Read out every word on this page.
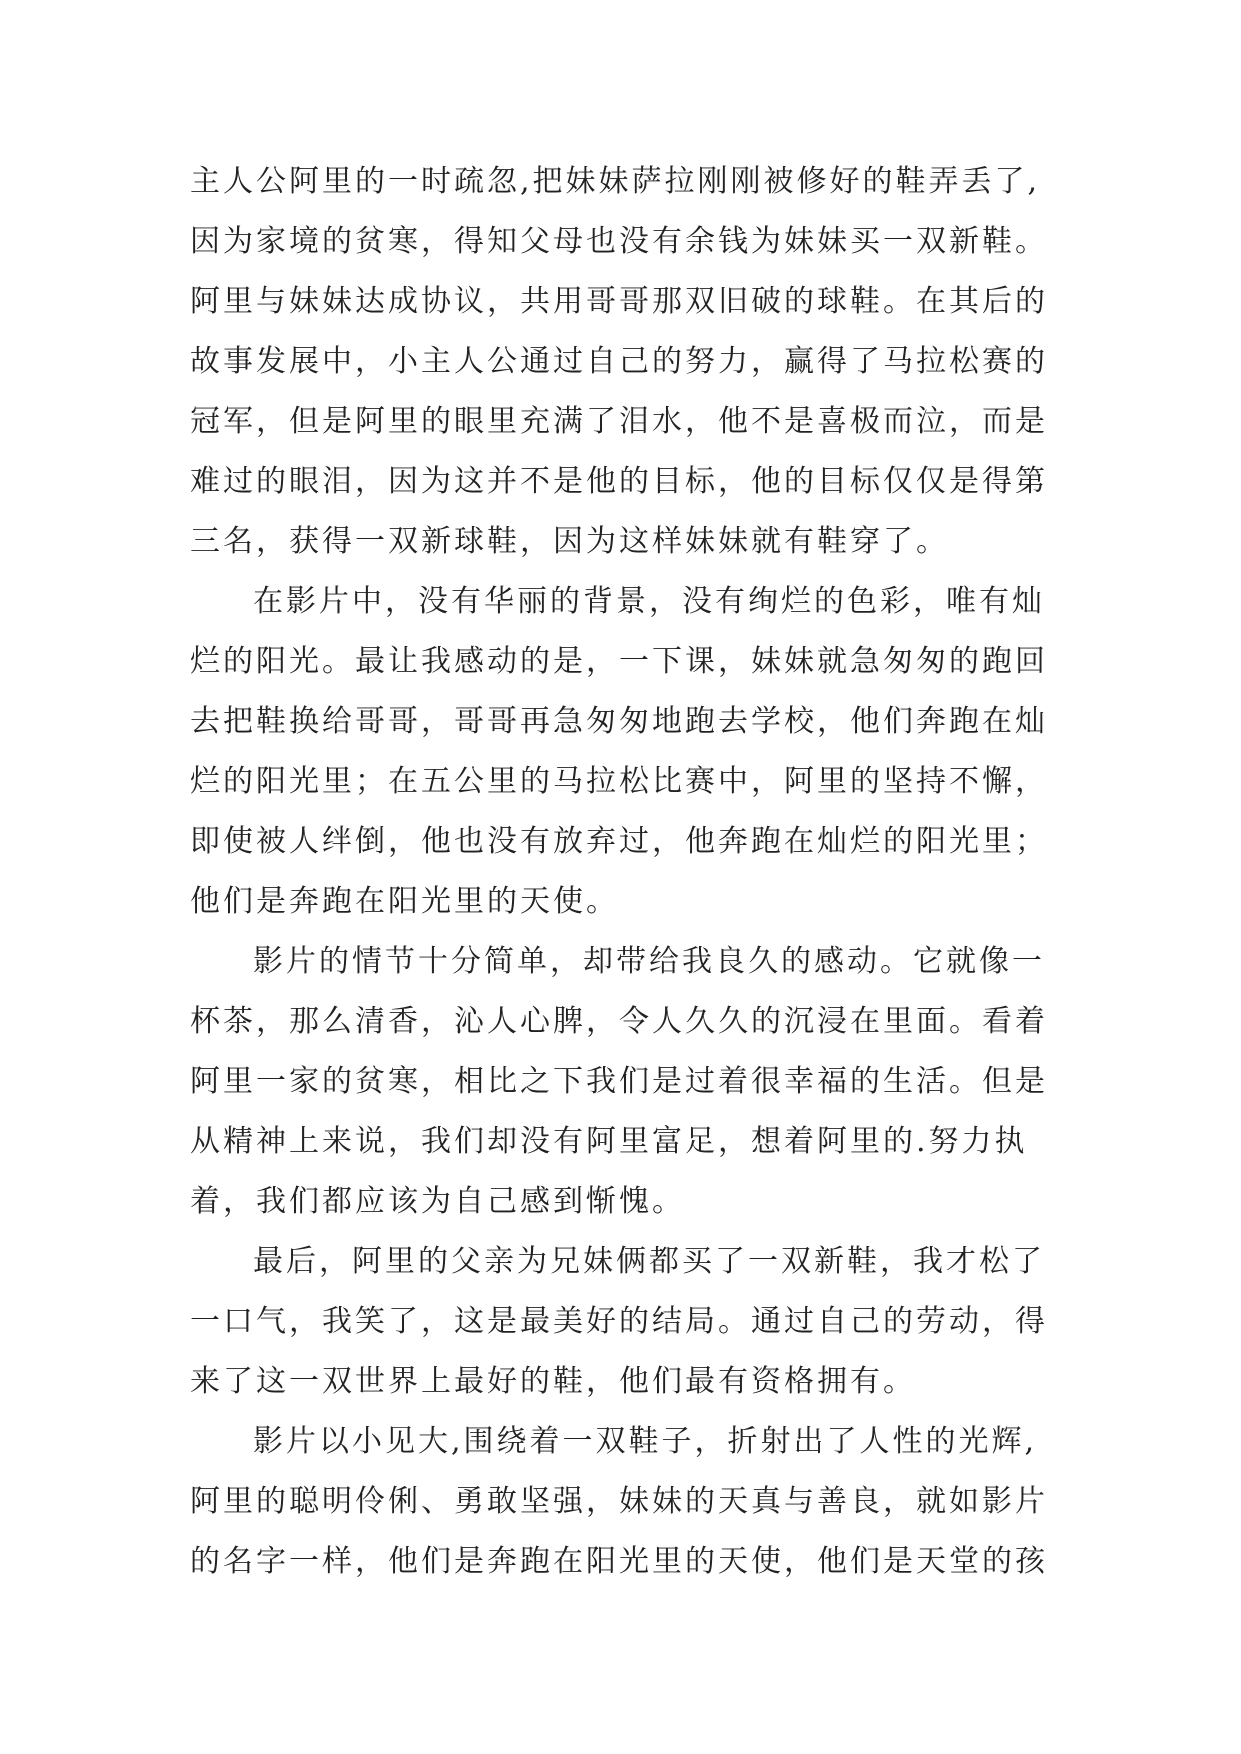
主人公阿里的一时疏忽,把妹妹萨拉刚刚被修好的鞋弄丢了,
因为家境的贫寒，得知父母也没有余钱为妹妹买一双新鞋。
阿里与妹妹达成协议，共用哥哥那双旧破的球鞋。在其后的
故事发展中，小主人公通过自己的努力，赢得了马拉松赛的
冠军，但是阿里的眼里充满了泪水，他不是喜极而泣，而是
难过的眼泪，因为这并不是他的目标，他的目标仅仅是得第
三名，获得一双新球鞋，因为这样妹妹就有鞋穿了。
在影片中，没有华丽的背景，没有绚烂的色彩，唯有灿
烂的阳光。最让我感动的是，一下课，妹妹就急匆匆的跑回
去把鞋换给哥哥，哥哥再急匆匆地跑去学校，他们奔跑在灿
烂的阳光里；在五公里的马拉松比赛中，阿里的坚持不懈，
即使被人绊倒，他也没有放弃过，他奔跑在灿烂的阳光里；
他们是奔跑在阳光里的天使。
影片的情节十分简单，却带给我良久的感动。它就像一
杯茶，那么清香，沁人心脾，令人久久的沉浸在里面。看着
阿里一家的贫寒，相比之下我们是过着很幸福的生活。但是
从精神上来说，我们却没有阿里富足，想着阿里的.努力执
着，我们都应该为自己感到惭愧。
最后，阿里的父亲为兄妹俩都买了一双新鞋，我才松了
一口气，我笑了，这是最美好的结局。通过自己的劳动，得
来了这一双世界上最好的鞋，他们最有资格拥有。
影片以小见大,围绕着一双鞋子，折射出了人性的光辉,
阿里的聪明伶俐、勇敢坚强，妹妹的天真与善良，就如影片
的名字一样，他们是奔跑在阳光里的天使，他们是天堂的孩
